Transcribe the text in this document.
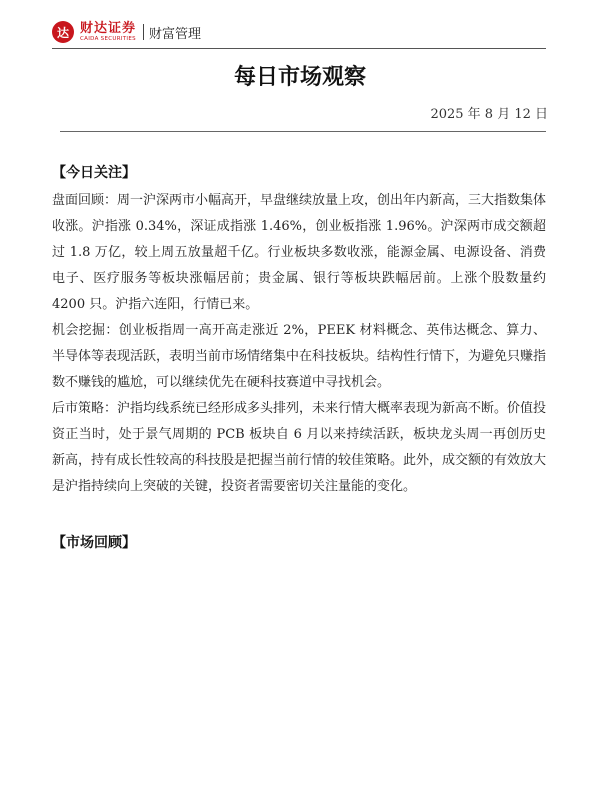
达 财达证券
CAIDA SECURITIES 财富管理
每日市场观察
2025 年 8 月 12 日
【今日关注】

盘面回顾：周一沪深两市小幅高开，早盘继续放量上攻，创出年内新高，三大指数集体收涨。沪指涨 0.34%，深证成指涨 1.46%，创业板指涨 1.96%。沪深两市成交额超过 1.8 万亿，较上周五放量超千亿。行业板块多数收涨，能源金属、电源设备、消费电子、医疗服务等板块涨幅居前；贵金属、银行等板块跌幅居前。上涨个股数量约 4200 只。沪指六连阳，行情已来。

机会挖掘：创业板指周一高开高走涨近 2%，PEEK 材料概念、英伟达概念、算力、半导体等表现活跃，表明当前市场情绪集中在科技板块。结构性行情下，为避免只赚指数不赚钱的尴尬，可以继续优先在硬科技赛道中寻找机会。

后市策略：沪指均线系统已经形成多头排列，未来行情大概率表现为新高不断。价值投资正当时，处于景气周期的 PCB 板块自 6 月以来持续活跃，板块龙头周一再创历史新高，持有成长性较高的科技股是把握当前行情的较佳策略。此外，成交额的有效放大是沪指持续向上突破的关键，投资者需要密切关注量能的变化。

【市场回顾】
